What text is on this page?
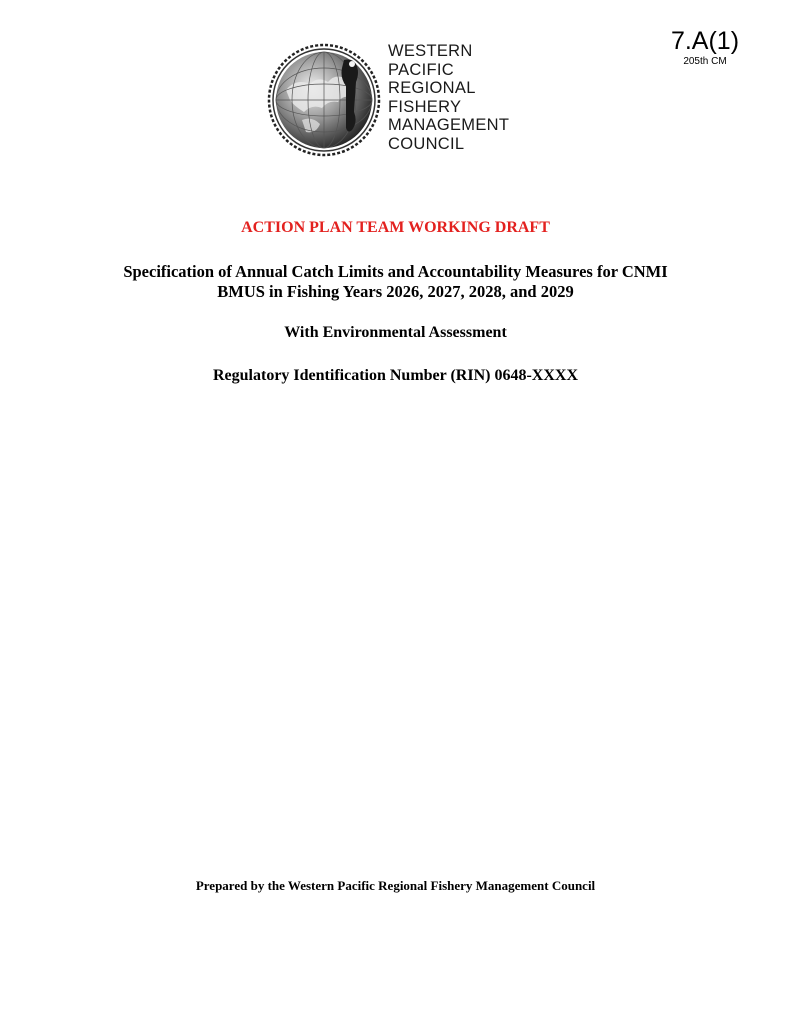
7.A(1)
205th CM
WESTERN
PACIFIC
REGIONAL
FISHERY
MANAGEMENT
COUNCIL
ACTION PLAN TEAM WORKING DRAFT
Specification of Annual Catch Limits and Accountability Measures for CNMI
BMUS in Fishing Years 2026, 2027, 2028, and 2029
With Environmental Assessment
Regulatory Identification Number (RIN) 0648-XXXX
Prepared by the Western Pacific Regional Fishery Management Council
